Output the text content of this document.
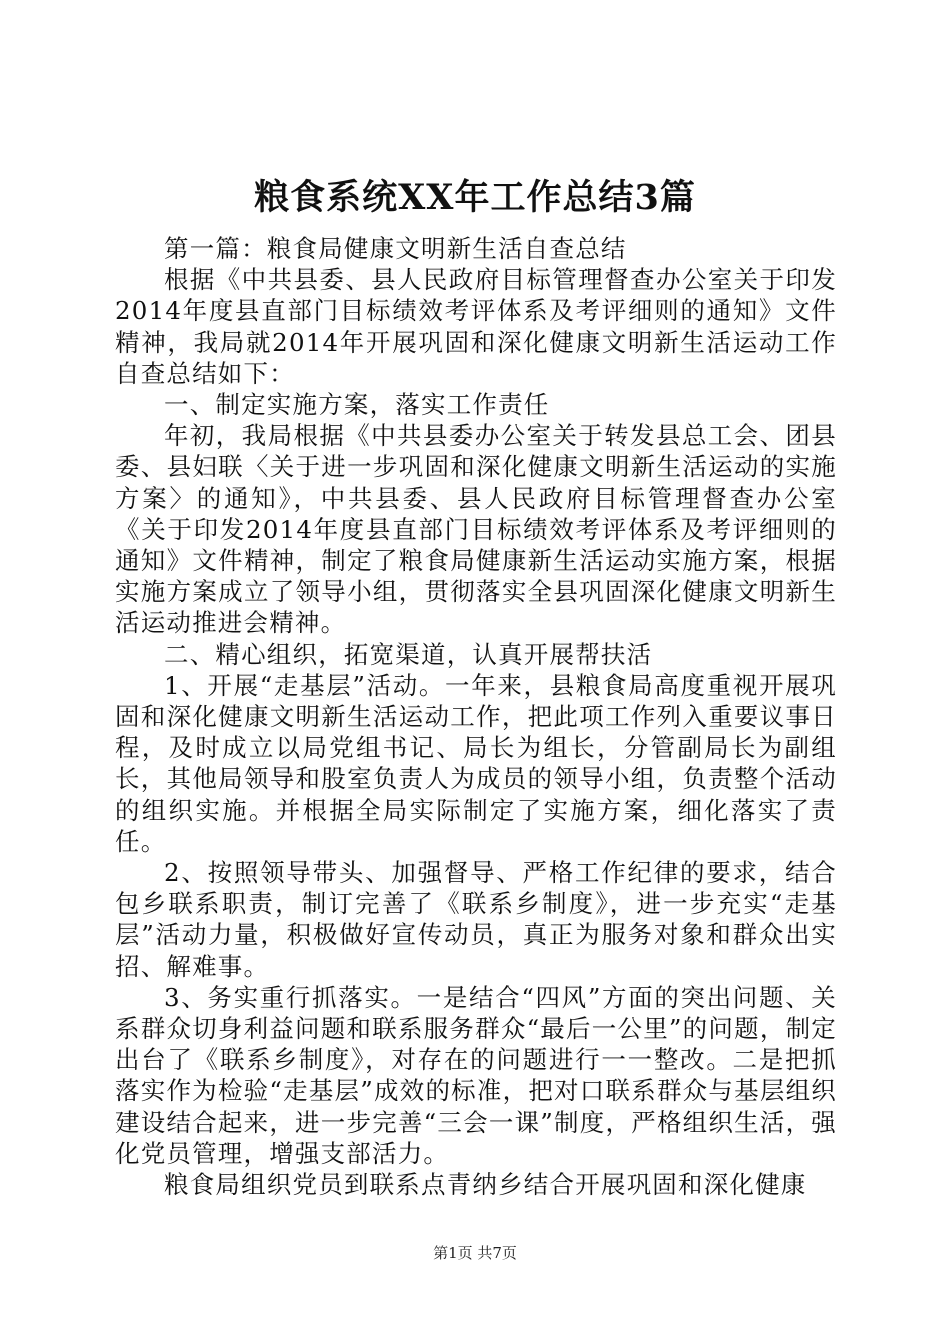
粮食系统XX年工作总结3篇

第一篇：粮食局健康文明新生活自查总结

根据《中共县委、县人民政府目标管理督查办公室关于印发2014年度县直部门目标绩效考评体系及考评细则的通知》文件精神，我局就2014年开展巩固和深化健康文明新生活运动工作自查总结如下：

一、制定实施方案，落实工作责任

年初，我局根据《中共县委办公室关于转发县总工会、团县委、县妇联〈关于进一步巩固和深化健康文明新生活运动的实施方案〉的通知》，中共县委、县人民政府目标管理督查办公室《关于印发2014年度县直部门目标绩效考评体系及考评细则的通知》文件精神，制定了粮食局健康新生活运动实施方案，根据实施方案成立了领导小组，贯彻落实全县巩固深化健康文明新生活运动推进会精神。

二、精心组织，拓宽渠道，认真开展帮扶活

1、开展“走基层”活动。一年来，县粮食局高度重视开展巩固和深化健康文明新生活运动工作，把此项工作列入重要议事日程，及时成立以局党组书记、局长为组长，分管副局长为副组长，其他局领导和股室负责人为成员的领导小组，负责整个活动的组织实施。并根据全局实际制定了实施方案，细化落实了责任。

2、按照领导带头、加强督导、严格工作纪律的要求，结合包乡联系职责，制订完善了《联系乡制度》，进一步充实“走基层”活动力量，积极做好宣传动员，真正为服务对象和群众出实招、解难事。

3、务实重行抓落实。一是结合“四风”方面的突出问题、关系群众切身利益问题和联系服务群众“最后一公里”的问题，制定出台了《联系乡制度》，对存在的问题进行一一整改。二是把抓落实作为检验“走基层”成效的标准，把对口联系群众与基层组织建设结合起来，进一步完善“三会一课”制度，严格组织生活，强化党员管理，增强支部活力。

粮食局组织党员到联系点青纳乡结合开展巩固和深化健康

第1页 共7页
